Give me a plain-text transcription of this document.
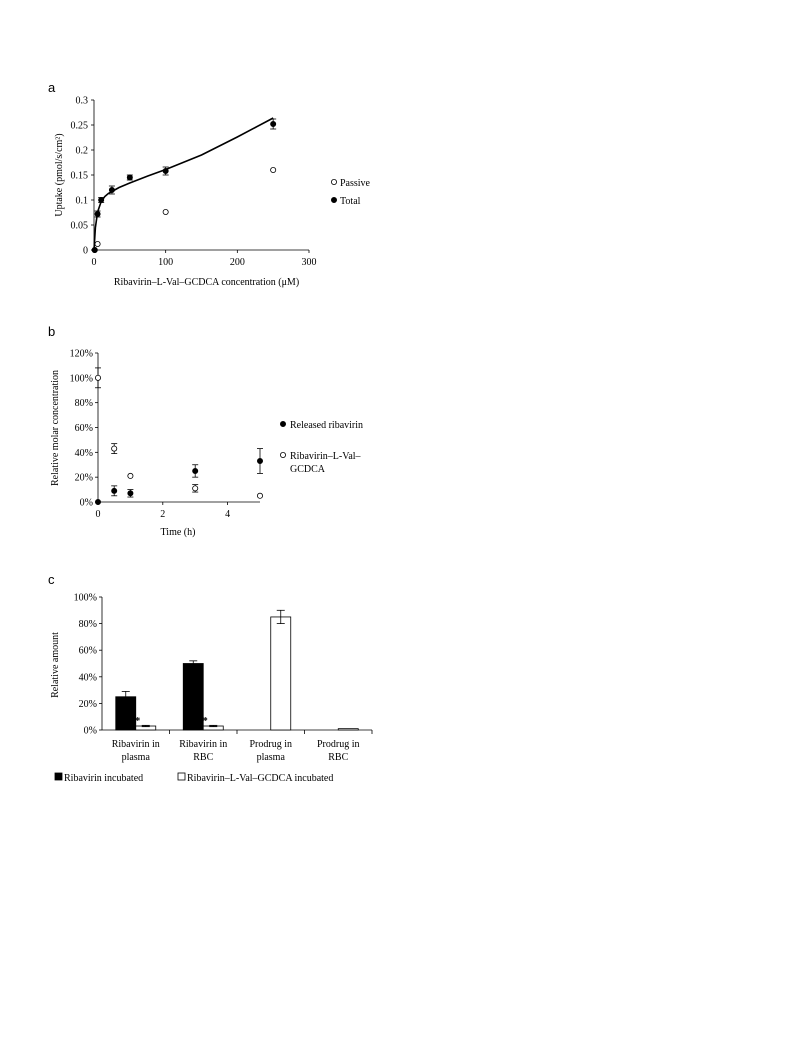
a
b
c
0
0.05
0.1
0.15
0.2
0.25
0.3
0	100	200	300
Ribavirin–L-Val–GCDCA concentration (μM)
Uptake (pmol/s/cm²)	Passive
Total
0%
20%
40%
60%
80%
100%
120%
0	2	4
Time (h)
Relative molar concentration	Released ribavirin
Ribavirin–L-Val–
GCDCA
0%
20%
40%
60%
80%
100%
Relative amount
Ribavirin in
plasma
*
Ribavirin in
RBC
*
Prodrug in
plasma
Prodrug in
RBC
Ribavirin incubated	Ribavirin–L-Val–GCDCA incubated
